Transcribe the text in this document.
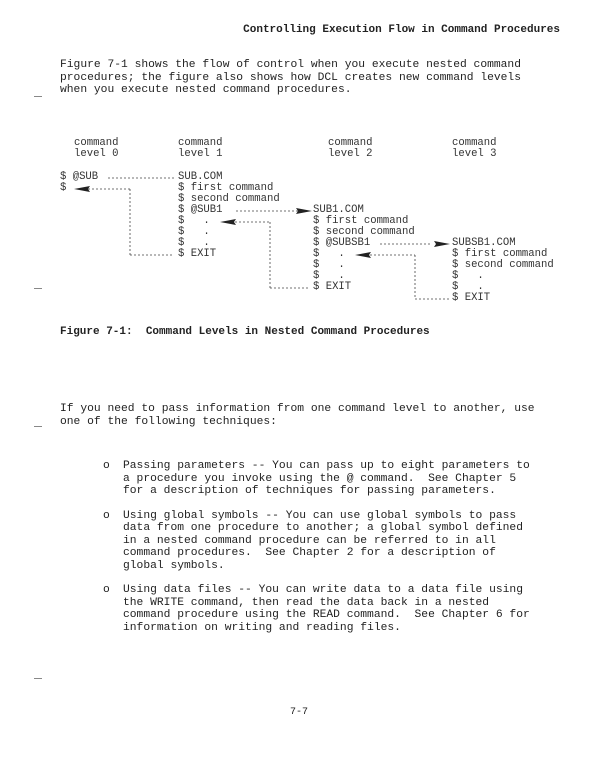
Controlling Execution Flow in Command Procedures
Figure 7-1 shows the flow of control when you execute nested command
procedures; the figure also shows how DCL creates new command levels
when you execute nested command procedures.
command
level 0
command
level 1
command
level 2
command
level 3
$ @SUB
$
SUB.COM
$ first command
$ second command
$ @SUB1
$   .
$   .
$   .
$ EXIT
SUB1.COM
$ first command
$ second command
$ @SUBSB1
$   .
$   .
$   .
$ EXIT
SUBSB1.COM
$ first command
$ second command
$   .
$   .
$ EXIT
Figure 7-1:  Command Levels in Nested Command Procedures
If you need to pass information from one command level to another, use
one of the following techniques:
o	Passing parameters -- You can pass up to eight parameters to
a procedure you invoke using the @ command.  See Chapter 5
for a description of techniques for passing parameters.
o	Using global symbols -- You can use global symbols to pass
data from one procedure to another; a global symbol defined
in a nested command procedure can be referred to in all
command procedures.  See Chapter 2 for a description of
global symbols.
o	Using data files -- You can write data to a data file using
the WRITE command, then read the data back in a nested
command procedure using the READ command.  See Chapter 6 for
information on writing and reading files.
7-7
